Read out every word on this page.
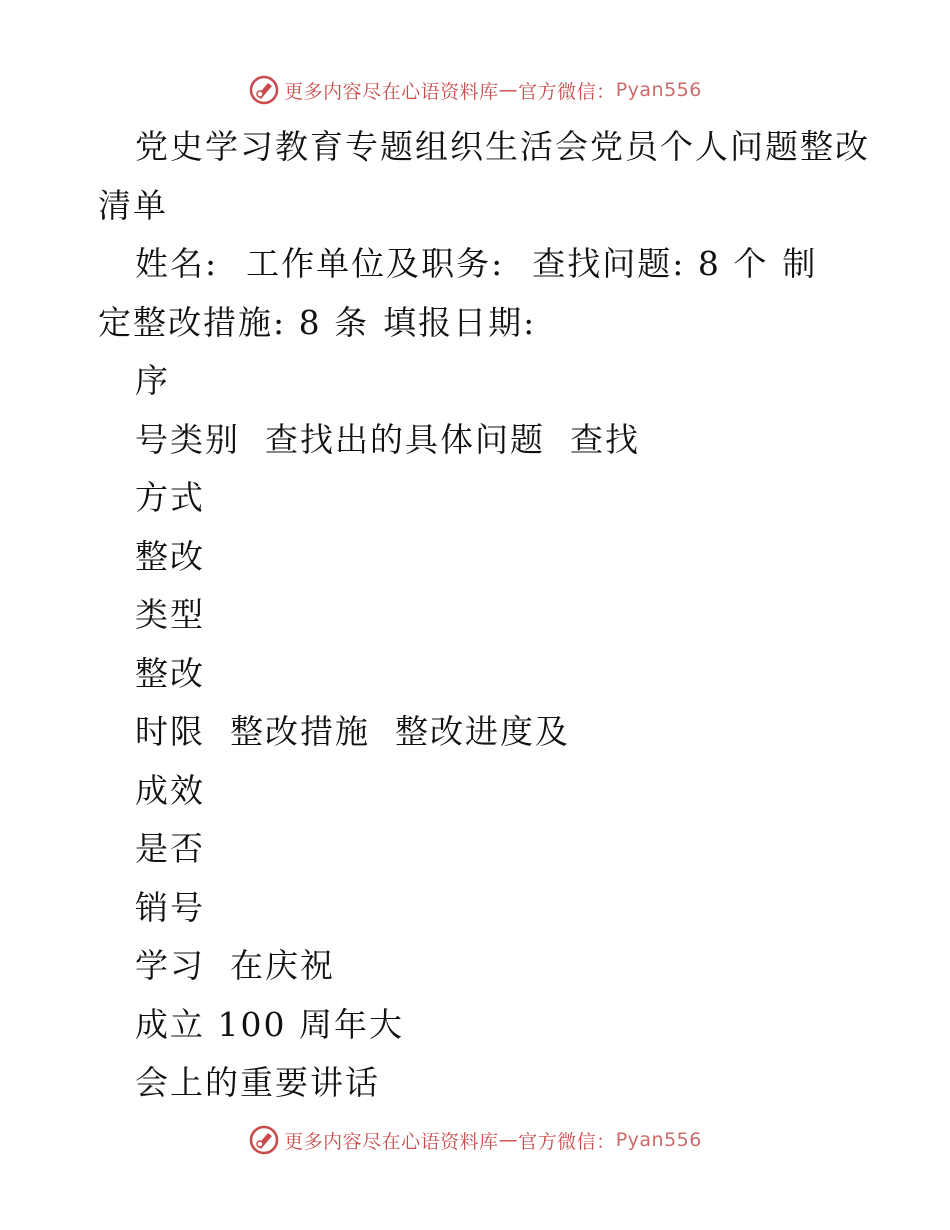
更多内容尽在心语资料库 — 官方微信： Pyan556
党史学习教育专题组织生活会党员个人问题整改
清单
姓名: 工作单位及职务: 查找问题: 8 个 制
定整改措施: 8 条 填报日期:
序
号类别  查找出的具体问题  查找
方式
整改
类型
整改
时限  整改措施  整改进度及
成效
是否
销号
学习  在庆祝
成立 100 周年大
会上的重要讲话
更多内容尽在心语资料库 — 官方微信： Pyan556
